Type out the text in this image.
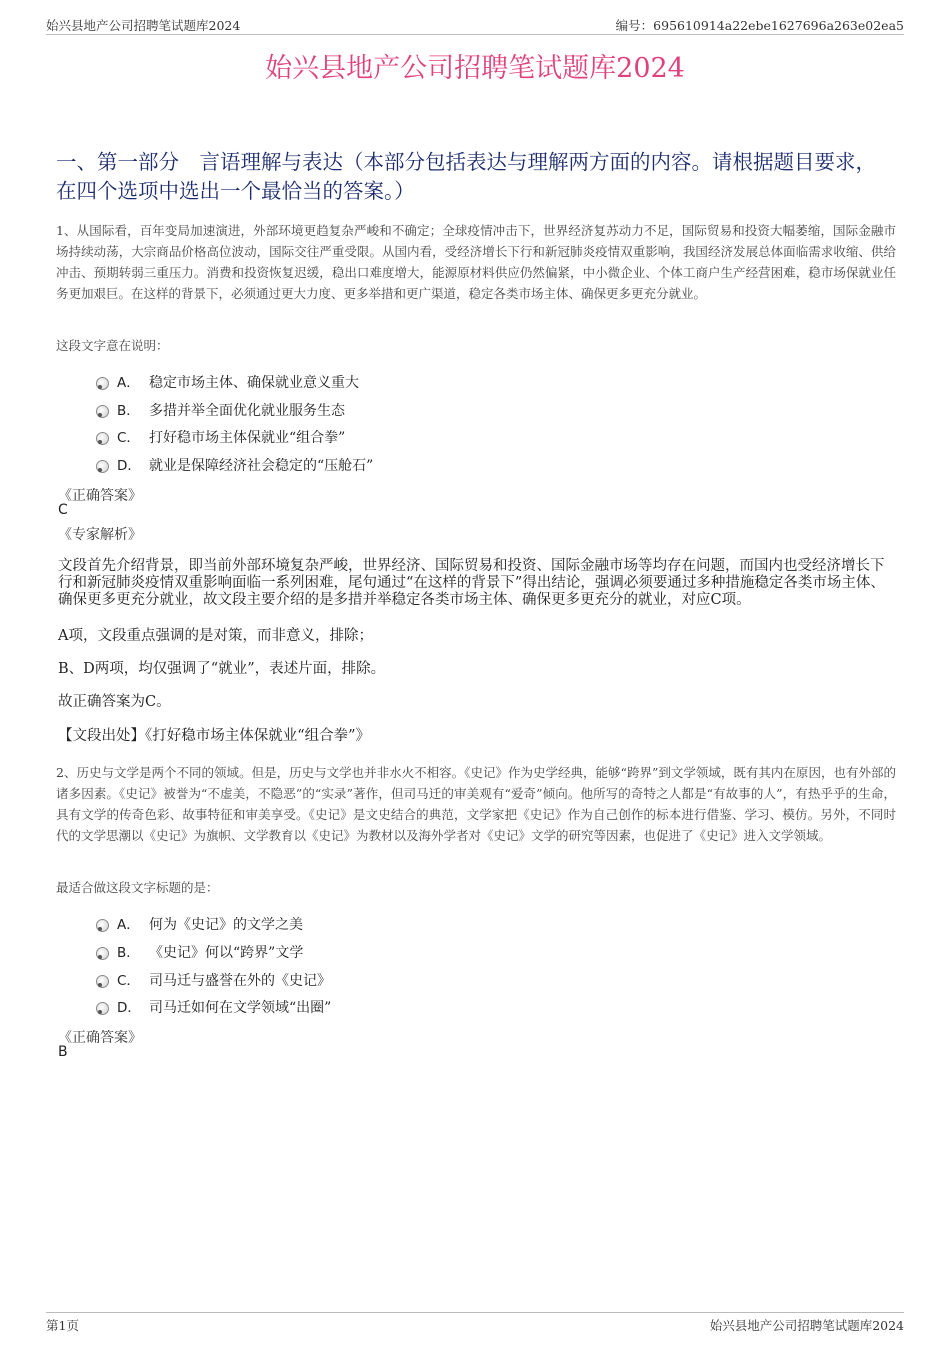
始兴县地产公司招聘笔试题库2024	编号：695610914a22ebe1627696a263e02ea5
始兴县地产公司招聘笔试题库2024
一、第一部分　言语理解与表达（本部分包括表达与理解两方面的内容。请根据题目要求，在四个选项中选出一个最恰当的答案。）
1、从国际看，百年变局加速演进，外部环境更趋复杂严峻和不确定；全球疫情冲击下，世界经济复苏动力不足，国际贸易和投资大幅萎缩，国际金融市场持续动荡，大宗商品价格高位波动，国际交往严重受限。从国内看，受经济增长下行和新冠肺炎疫情双重影响，我国经济发展总体面临需求收缩、供给冲击、预期转弱三重压力。消费和投资恢复迟缓，稳出口难度增大，能源原材料供应仍然偏紧，中小微企业、个体工商户生产经营困难，稳市场保就业任务更加艰巨。在这样的背景下，必须通过更大力度、更多举措和更广渠道，稳定各类市场主体、确保更多更充分就业。
这段文字意在说明：
A． 稳定市场主体、确保就业意义重大
B． 多措并举全面优化就业服务生态
C． 打好稳市场主体保就业“组合拳”
D． 就业是保障经济社会稳定的“压舱石”
《正确答案》
C
《专家解析》
文段首先介绍背景，即当前外部环境复杂严峻，世界经济、国际贸易和投资、国际金融市场等均存在问题，而国内也受经济增长下行和新冠肺炎疫情双重影响面临一系列困难，尾句通过“在这样的背景下”得出结论，强调必须要通过多种措施稳定各类市场主体、确保更多更充分就业，故文段主要介绍的是多措并举稳定各类市场主体、确保更多更充分的就业，对应C项。
A项，文段重点强调的是对策，而非意义，排除；
B、D两项，均仅强调了“就业”，表述片面，排除。
故正确答案为C。
【文段出处】《打好稳市场主体保就业“组合拳”》
2、历史与文学是两个不同的领域。但是，历史与文学也并非水火不相容。《史记》作为史学经典，能够“跨界”到文学领域，既有其内在原因，也有外部的诸多因素。《史记》被誉为“不虚美，不隐恶”的“实录”著作，但司马迁的审美观有“爱奇”倾向。他所写的奇特之人都是“有故事的人”，有热乎乎的生命，具有文学的传奇色彩、故事特征和审美享受。《史记》是文史结合的典范，文学家把《史记》作为自己创作的标本进行借鉴、学习、模仿。另外，不同时代的文学思潮以《史记》为旗帜、文学教育以《史记》为教材以及海外学者对《史记》文学的研究等因素，也促进了《史记》进入文学领域。
最适合做这段文字标题的是：
A． 何为《史记》的文学之美
B． 《史记》何以“跨界”文学
C． 司马迁与盛誉在外的《史记》
D． 司马迁如何在文学领域“出圈”
《正确答案》
B
第1页	始兴县地产公司招聘笔试题库2024
